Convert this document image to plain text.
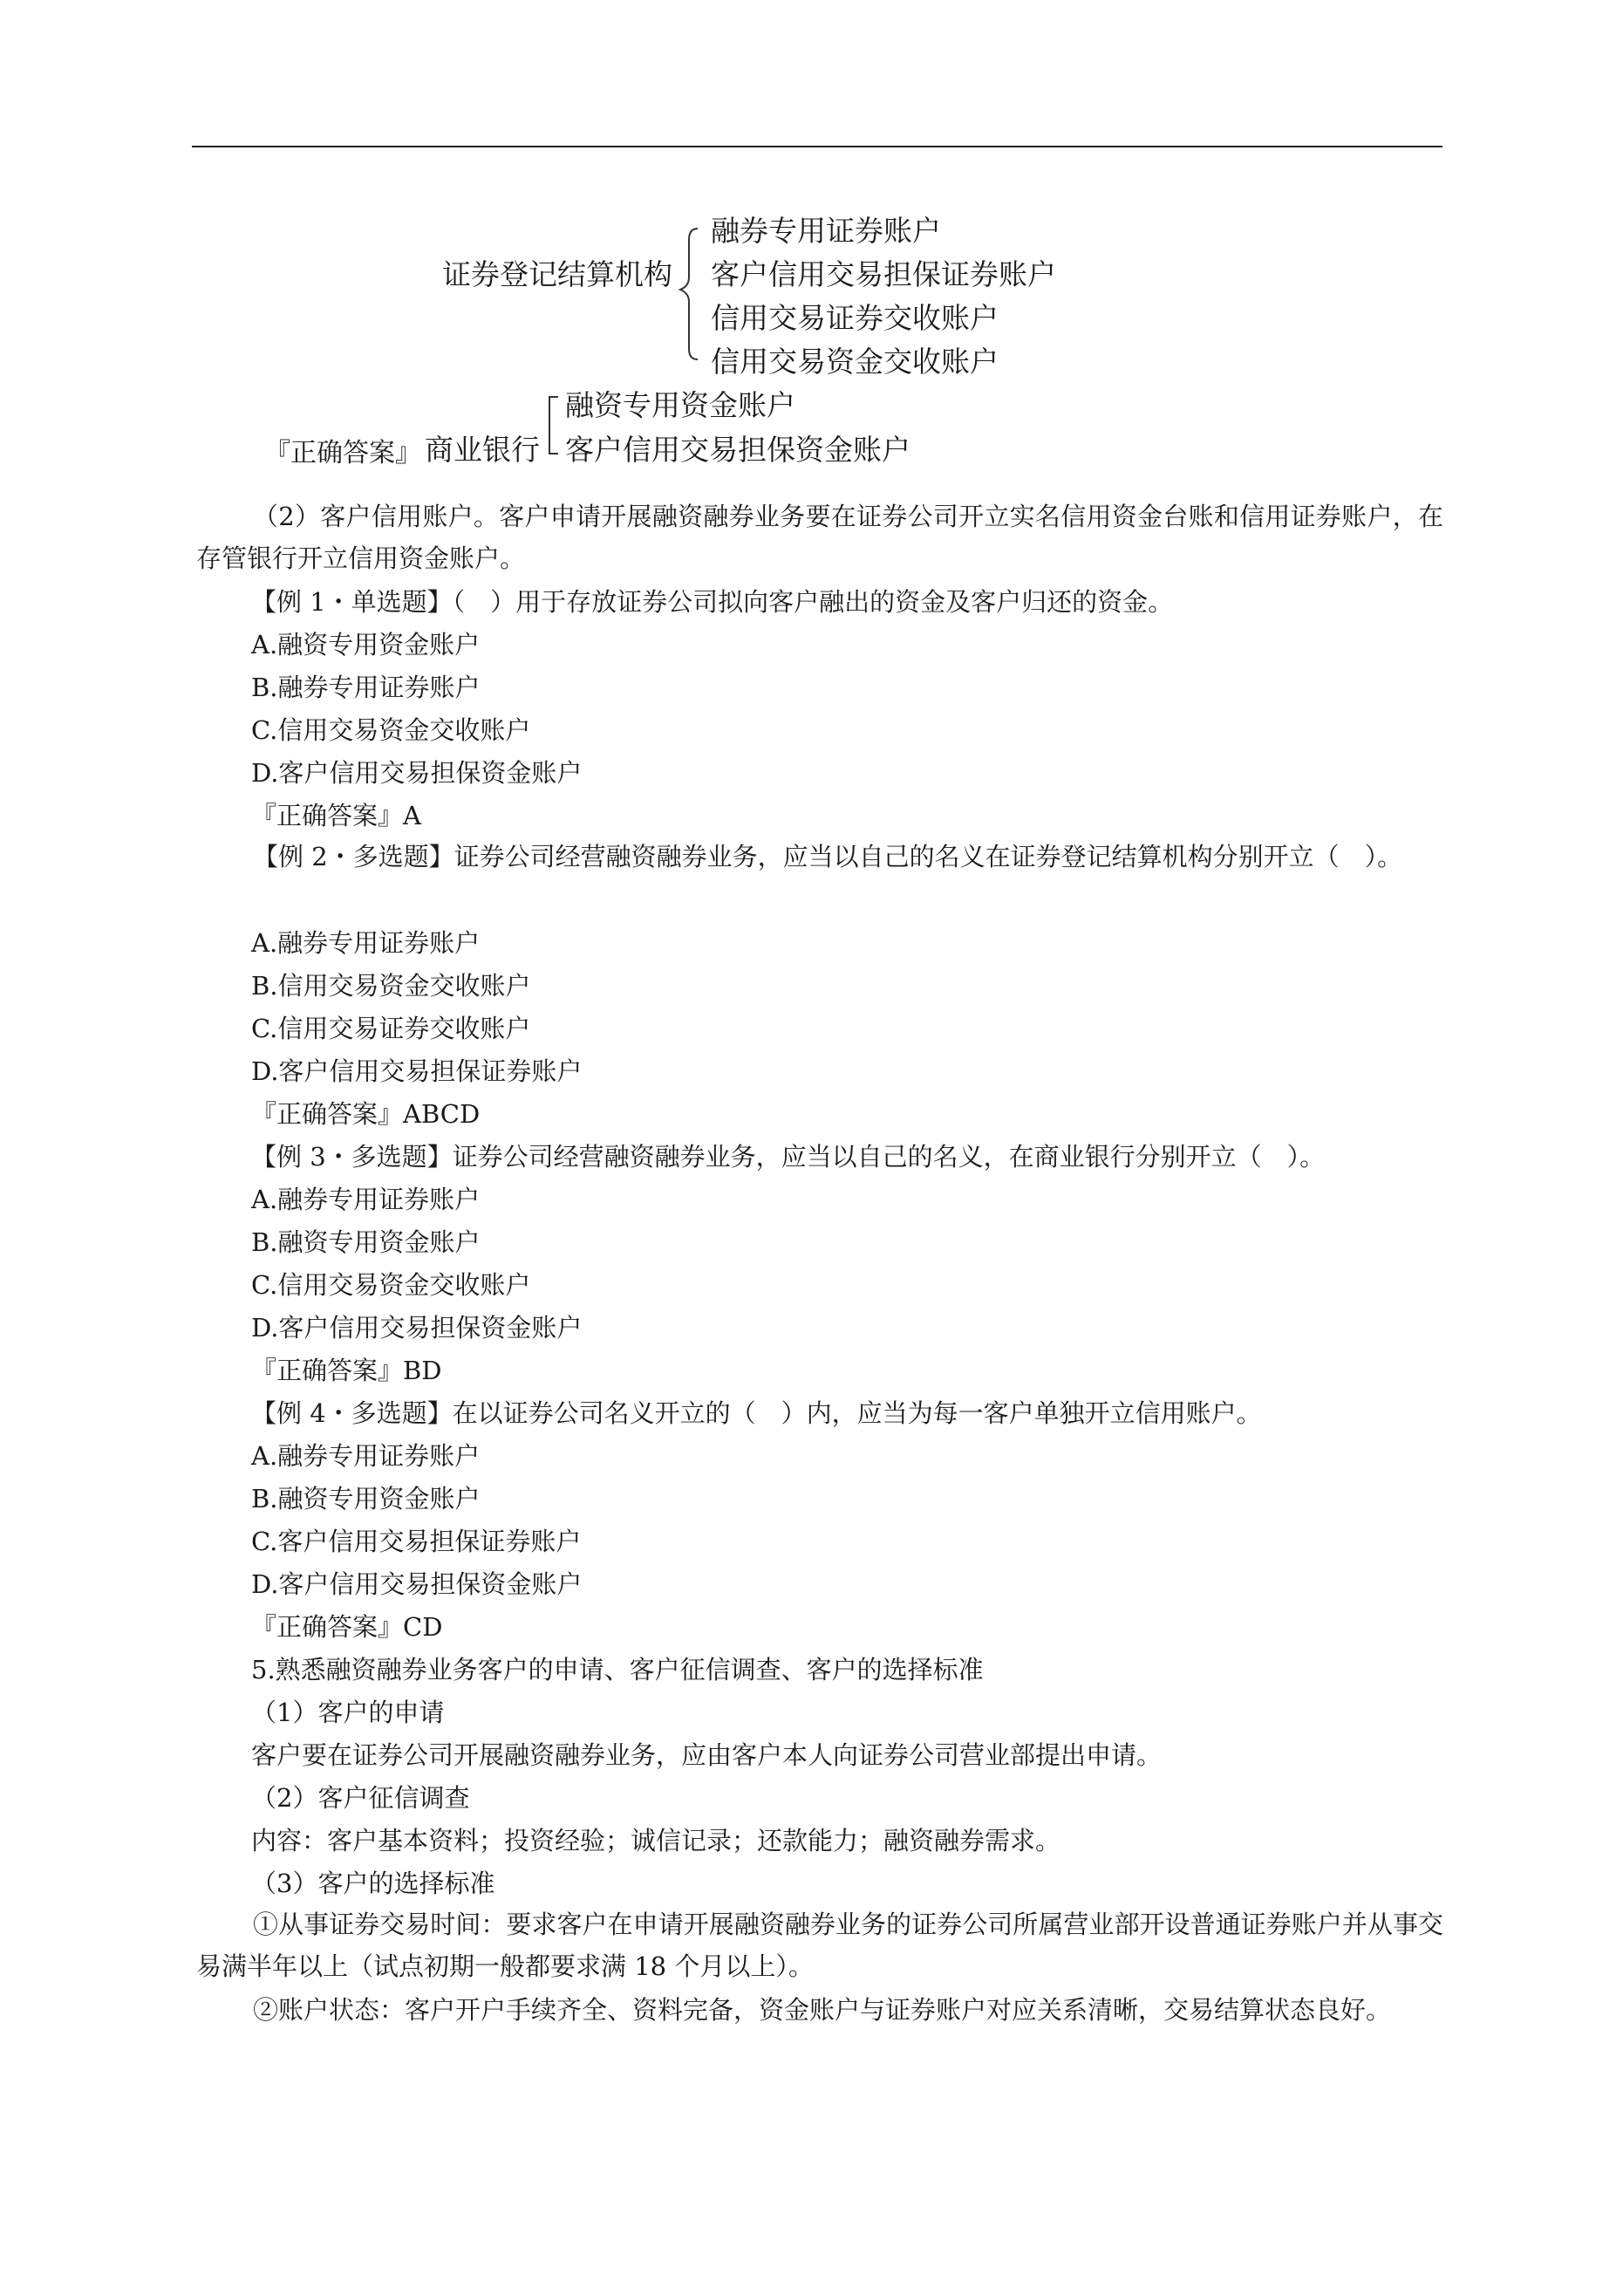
证券登记结算机构
融券专用证券账户
客户信用交易担保证券账户
信用交易证券交收账户
信用交易资金交收账户
『正确答案』 商业银行
融资专用资金账户
客户信用交易担保资金账户
（2）客户信用账户。客户申请开展融资融券业务要在证券公司开立实名信用资金台账和信用证券账户，在存管银行开立信用资金账户。
【例 1・单选题】（　）用于存放证券公司拟向客户融出的资金及客户归还的资金。
A.融资专用资金账户
B.融券专用证券账户
C.信用交易资金交收账户
D.客户信用交易担保资金账户
『正确答案』A
【例 2・多选题】证券公司经营融资融券业务，应当以自己的名义在证券登记结算机构分别开立（　）。
A.融券专用证券账户
B.信用交易资金交收账户
C.信用交易证券交收账户
D.客户信用交易担保证券账户
『正确答案』ABCD
【例 3・多选题】证券公司经营融资融券业务，应当以自己的名义，在商业银行分别开立（　）。
A.融券专用证券账户
B.融资专用资金账户
C.信用交易资金交收账户
D.客户信用交易担保资金账户
『正确答案』BD
【例 4・多选题】在以证券公司名义开立的（　）内，应当为每一客户单独开立信用账户。
A.融券专用证券账户
B.融资专用资金账户
C.客户信用交易担保证券账户
D.客户信用交易担保资金账户
『正确答案』CD
5.熟悉融资融券业务客户的申请、客户征信调查、客户的选择标准
（1）客户的申请
客户要在证券公司开展融资融券业务，应由客户本人向证券公司营业部提出申请。
（2）客户征信调查
内容：客户基本资料；投资经验；诚信记录；还款能力；融资融券需求。
（3）客户的选择标准
①从事证券交易时间：要求客户在申请开展融资融券业务的证券公司所属营业部开设普通证券账户并从事交易满半年以上（试点初期一般都要求满 18 个月以上）。
②账户状态：客户开户手续齐全、资料完备，资金账户与证券账户对应关系清晰，交易结算状态良好。
